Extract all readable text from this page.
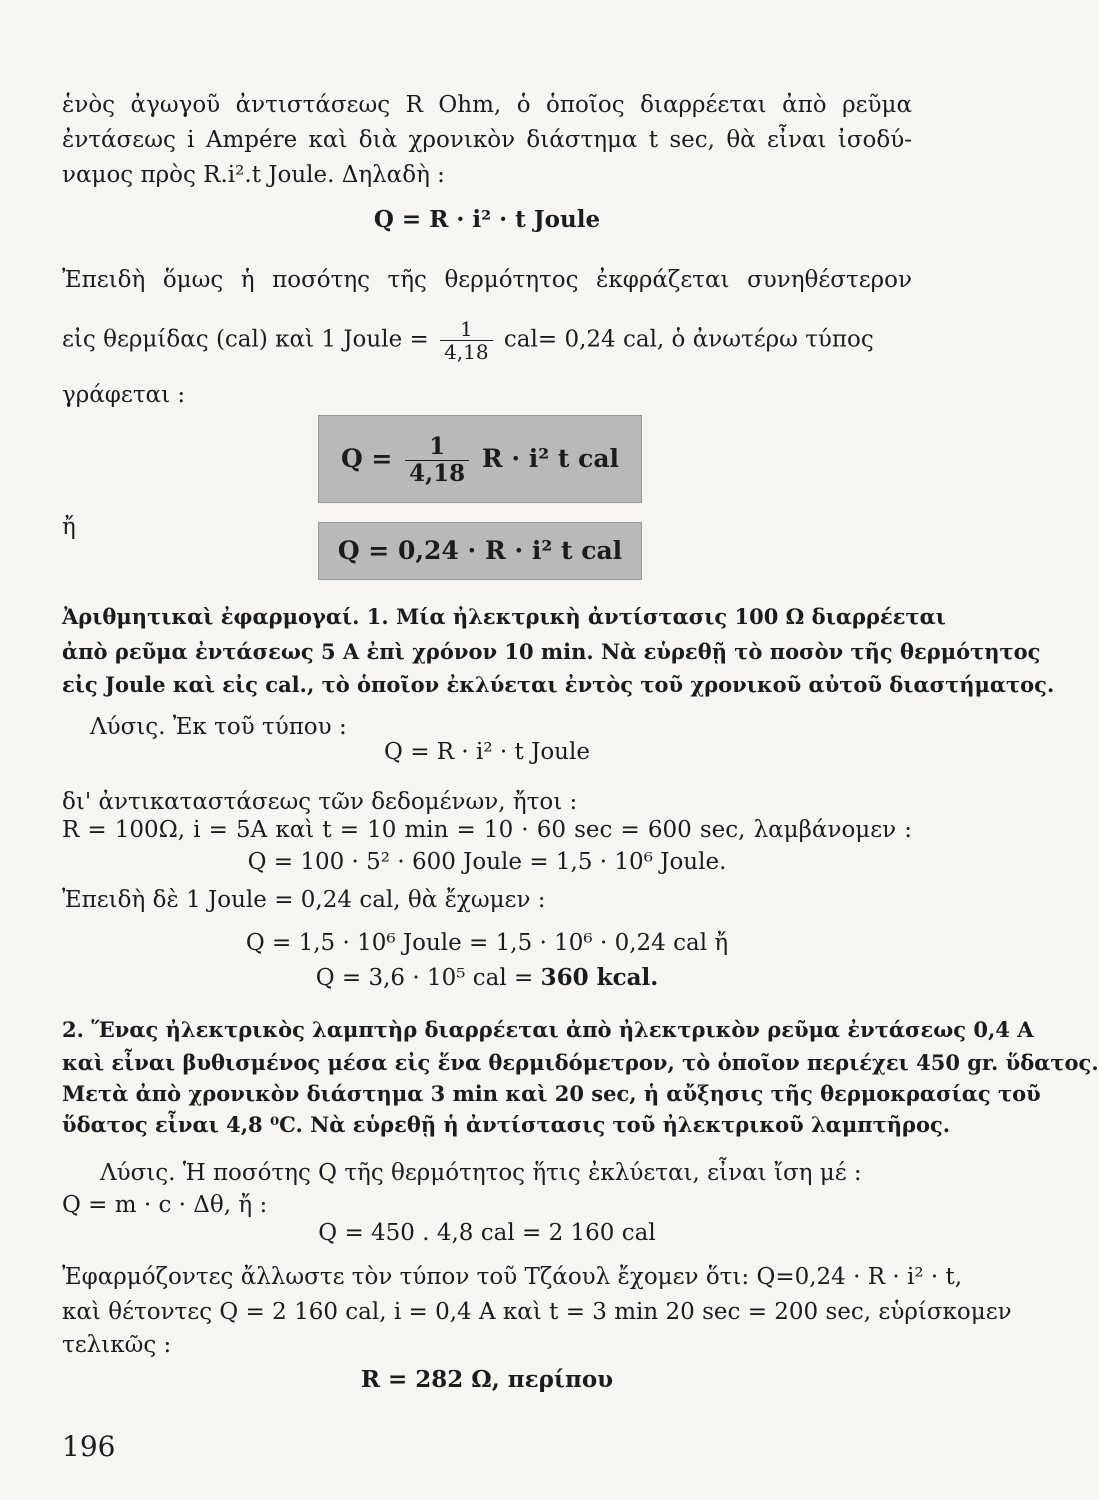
ἑνὸς ἀγωγοῦ ἀντιστάσεως R Ohm, ὁ ὁποῖος διαρρέεται ἀπὸ ρεῦμα
ἐντάσεως i Ampére καὶ διὰ χρονικὸν διάστημα t sec, θὰ εἶναι ἰσοδύ-
ναμος πρὸς R.i².t Joule. Δηλαδὴ :
Q = R · i² · t Joule
Ἐπειδὴ ὅμως ἡ ποσότης τῆς θερμότητος ἐκφράζεται συνηθέστερον
εἰς θερμίδας (cal) καὶ 1 Joule = $\frac{1}{4,18} cal= 0,24$ cal, ὁ ἀνωτέρω τύπος
γράφεται :
$Q = \frac{1}{4,18}$ R · i² t cal
ἤ
Q = 0,24 · R · i² t cal
Ἀριθμητικαὶ ἐφαρμογαί. 1. Μία ἠλεκτρικὴ ἀντίστασις 100 Ω διαρρέεται
ἀπὸ ρεῦμα ἐντάσεως 5 Α ἐπὶ χρόνον 10 min. Νὰ εὑρεθῇ τὸ ποσὸν τῆς θερμότητος
εἰς Joule καὶ εἰς cal., τὸ ὁποῖον ἐκλύεται ἐντὸς τοῦ χρονικοῦ αὐτοῦ διαστήματος.
Λύσις. Ἐκ τοῦ τύπου :
Q = R · i² · t Joule
δι' ἀντικαταστάσεως τῶν δεδομένων, ἤτοι :
R = 100Ω, i = 5A καὶ t = 10 min = 10 · 60 sec = 600 sec, λαμβάνομεν :
Q = 100 · 5² · 600 Joule = 1,5 · 10⁶ Joule.
Ἐπειδὴ δὲ 1 Joule = 0,24 cal, θὰ ἔχωμεν :
Q = 1,5 · 10⁶ Joule = 1,5 · 10⁶ · 0,24 cal ἤ
Q = 3,6 · 10⁵ cal = 360 kcal.
2. Ἕνας ἠλεκτρικὸς λαμπτὴρ διαρρέεται ἀπὸ ἠλεκτρικὸν ρεῦμα ἐντάσεως 0,4 Α
καὶ εἶναι βυθισμένος μέσα εἰς ἕνα θερμιδόμετρον, τὸ ὁποῖον περιέχει 450 gr. ὕδατος.
Μετὰ ἀπὸ χρονικὸν διάστημα 3 min καὶ 20 sec, ἡ αὔξησις τῆς θερμοκρασίας τοῦ
ὕδατος εἶναι 4,8 ⁰C. Νὰ εὑρεθῇ ἡ ἀντίστασις τοῦ ἠλεκτρικοῦ λαμπτῆρος.
Λύσις. Ἡ ποσότης Q τῆς θερμότητος ἥτις ἐκλύεται, εἶναι ἴση μέ :
Q = m · c · Δθ, ἤ :
Q = 450 . 4,8 cal = 2 160 cal
Ἐφαρμόζοντες ἄλλωστε τὸν τύπον τοῦ Τζάουλ ἔχομεν ὅτι: Q=0,24 · R · i² · t,
καὶ θέτοντες Q = 2 160 cal, i = 0,4 Α καὶ t = 3 min 20 sec = 200 sec, εὑρίσκομεν
τελικῶς :
R = 282 Ω, περίπου
196
